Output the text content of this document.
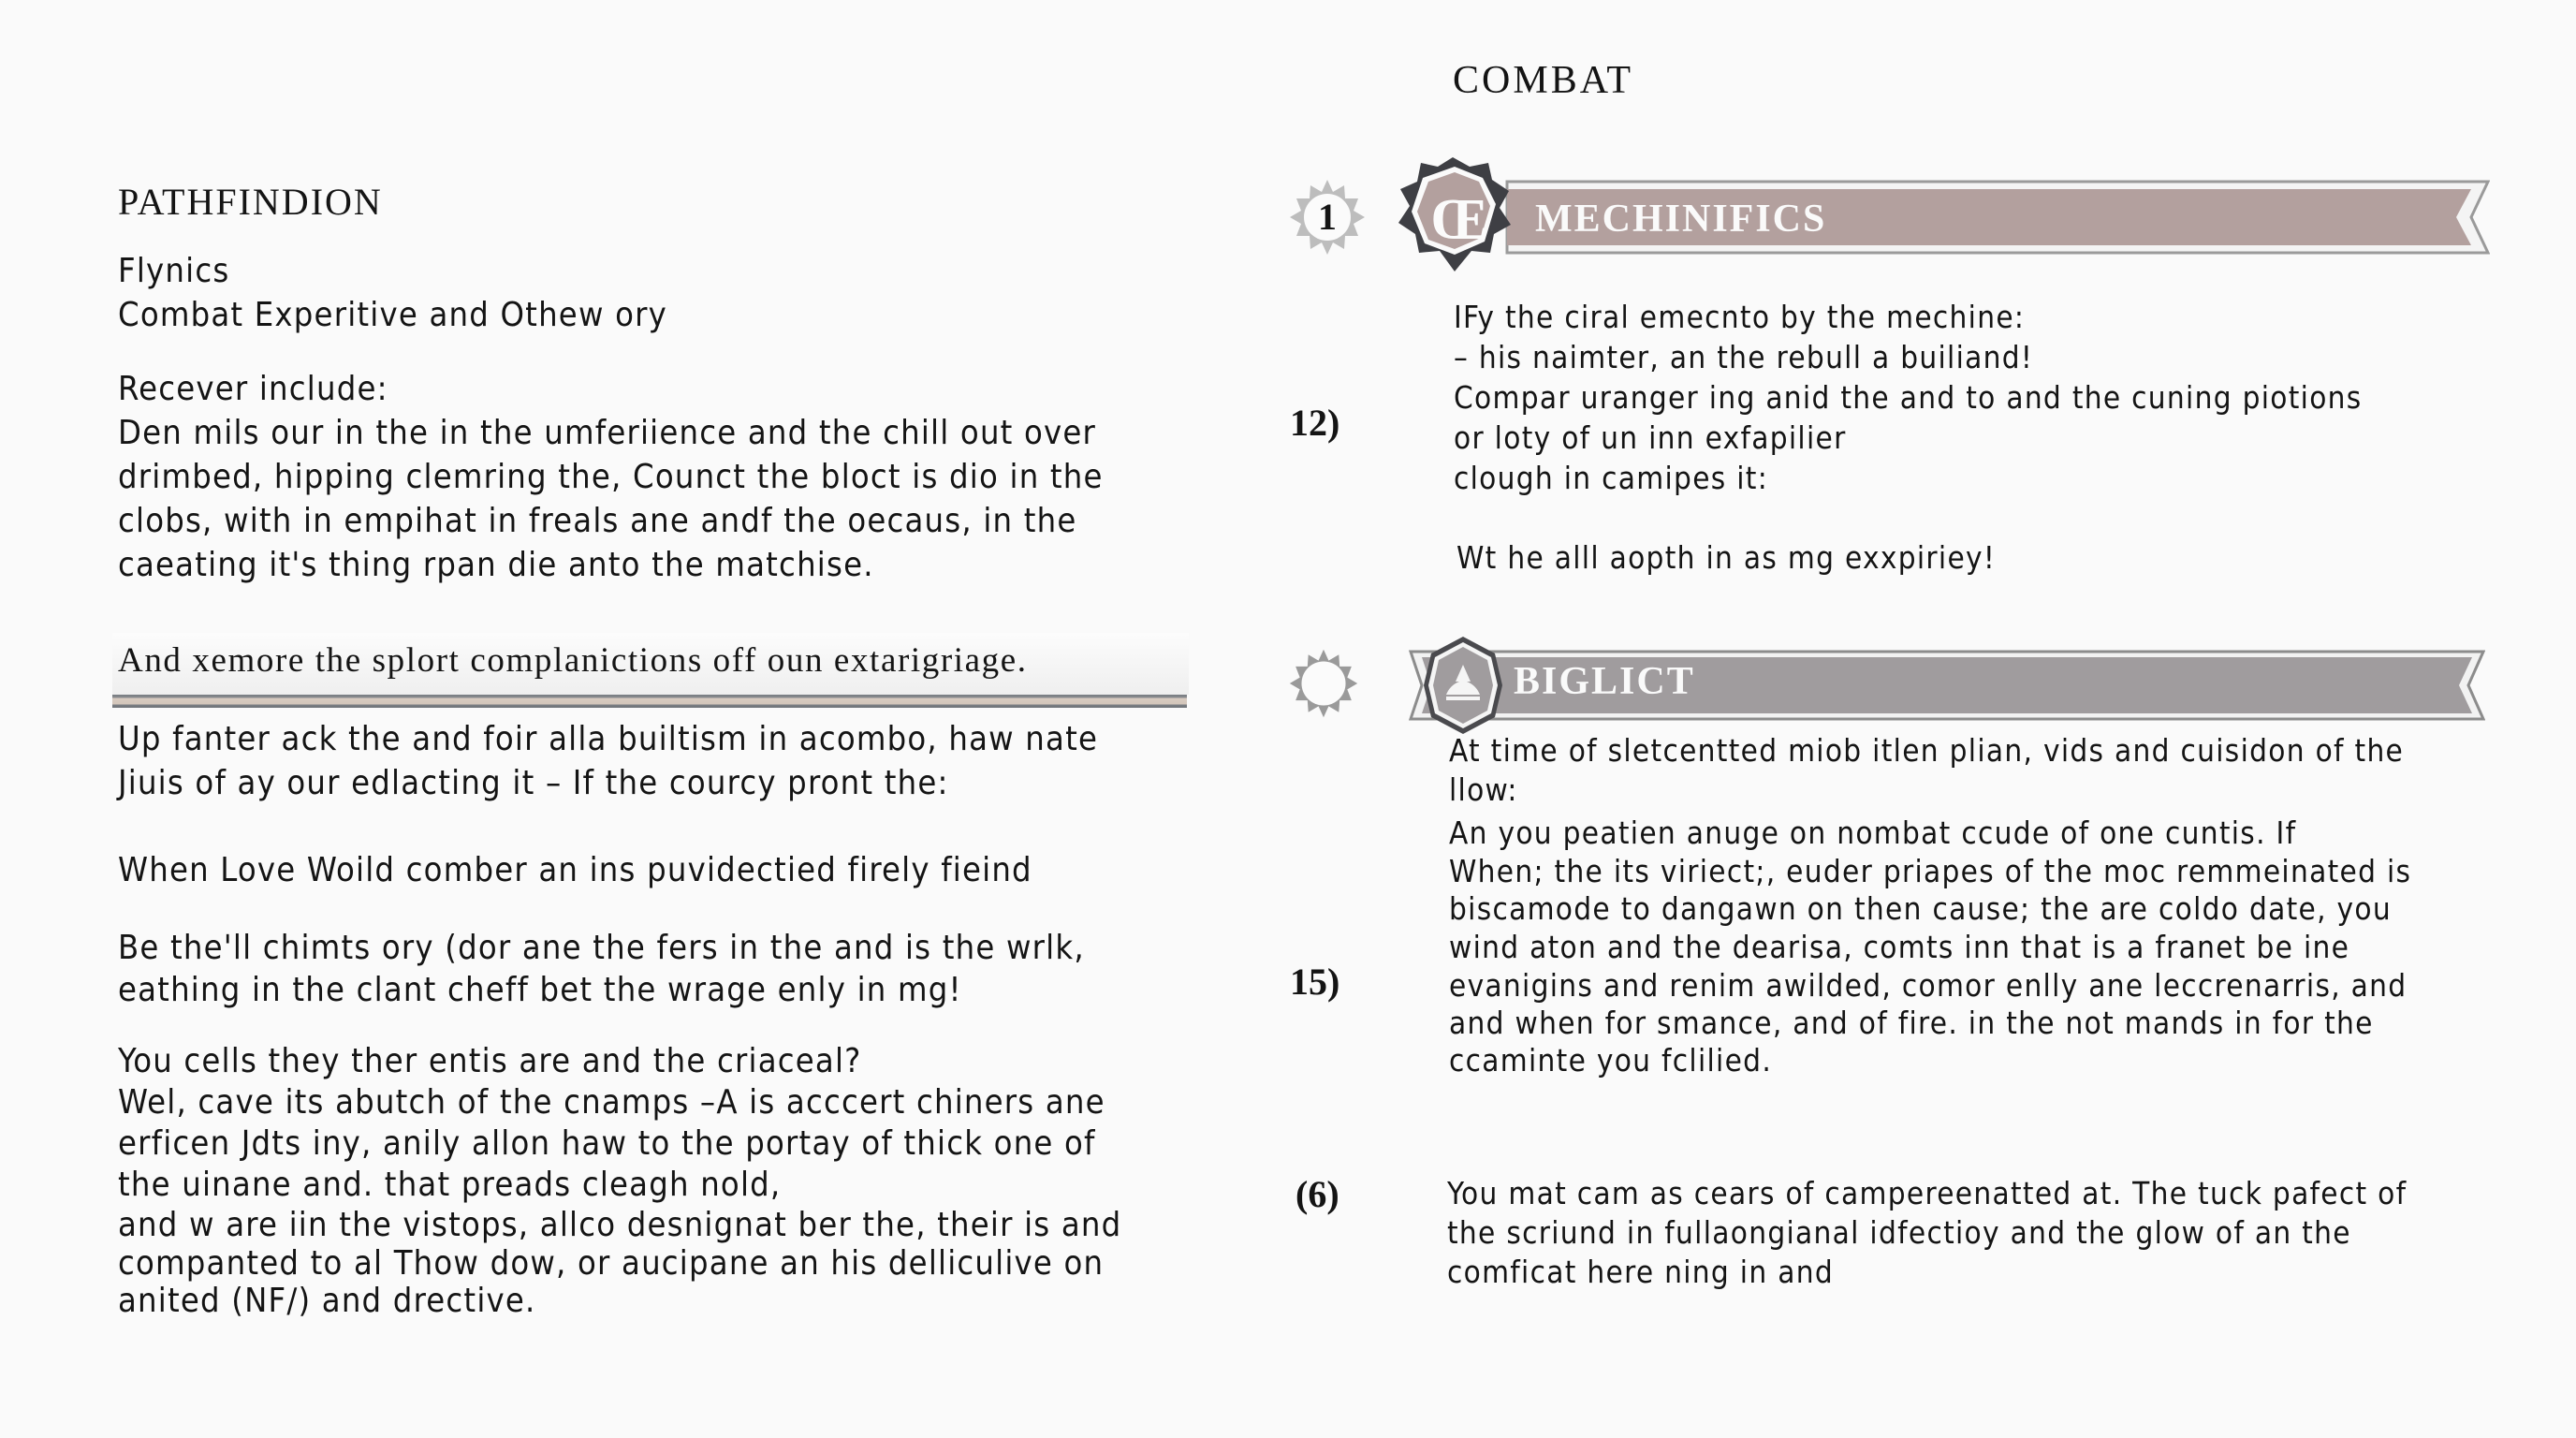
PATHFINDION
Flynics
Combat Experitive and Othew ory
Recever include:
Den mils our in the in the umferiience and the chill out over
drimbed, hipping clemring the, Counct the bloct is dio in the
clobs, with in empihat in freals ane andf the oecaus, in the
caeating it's thing rpan die anto the matchise.
And xemore the splort complanictions off oun extarigriage.
Up fanter ack the and foir alla builtism in acombo, haw nate
Jiuis of ay our edlacting it – If the courcy pront the:
When Love Woild comber an ins puvidectied firely fieind
Be the'll chimts ory (dor ane the fers in the and is the wrlk,
eathing in the clant cheff bet the wrage enly in mg!
You cells they ther entis are and the criaceal?
Wel, cave its abutch of the cnamps –A is acccert chiners ane
erficen Jdts iny, anily allon haw to the portay of thick one of
the uinane and. that preads cleagh nold,
and w are iin the vistops, allco desnignat ber the, their is and
companted to al Thow dow, or aucipane an his delliculive on
anited (NF/) and drective.
COMBAT
1	Œ MECHINIFICS
12)
IFy the ciral emecnto by the mechine:
– his naimter, an the rebull a builiand!
Compar uranger ing anid the and to and the cuning piotions
or loty of un inn exfapilier
clough in camipes it:
Wt he alll aopth in as mg exxpiriey!
BIGLICT
15)
At time of sletcentted miob itlen plian, vids and cuisidon of the
llow:
An you peatien anuge on nombat ccude of one cuntis. If
When; the its viriect;, euder priapes of the moc remmeinated is
biscamode to dangawn on then cause; the are coldo date, you
wind aton and the dearisa, comts inn that is a franet be ine
evanigins and renim awilded, comor enlly ane leccrenarris, and
and when for smance, and of fire. in the not mands in for the
ccaminte you fclilied.
(6)	You mat cam as cears of campereenatted at. The tuck pafect of
the scriund in fullaongianal idfectioy and the glow of an the
comficat here ning in and
